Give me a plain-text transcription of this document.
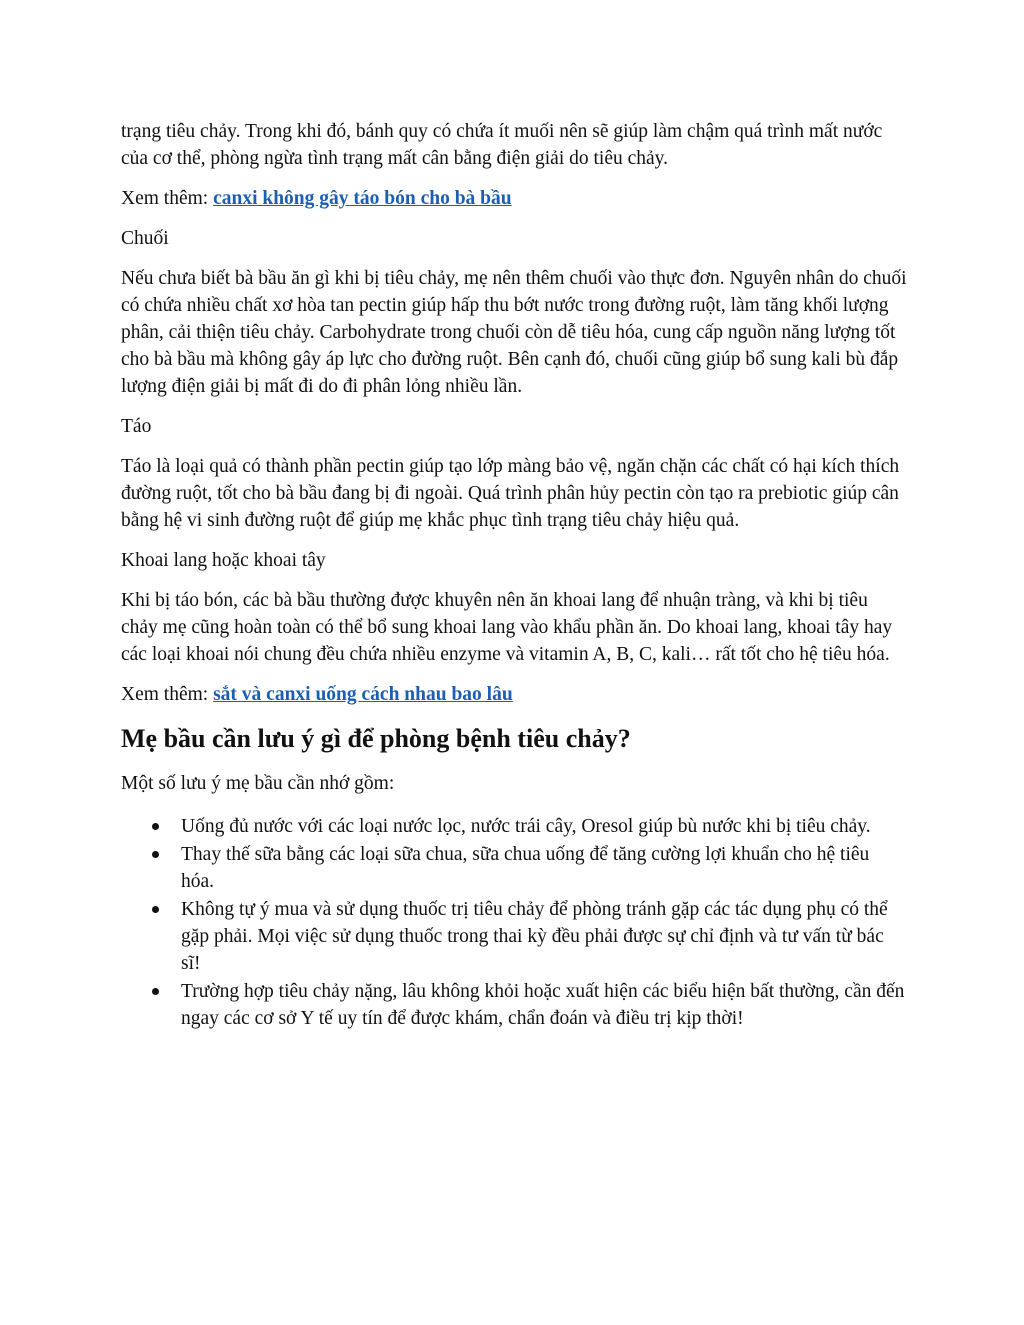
trạng tiêu chảy. Trong khi đó, bánh quy có chứa ít muối nên sẽ giúp làm chậm quá trình mất nước của cơ thể, phòng ngừa tình trạng mất cân bằng điện giải do tiêu chảy.

Xem thêm: canxi không gây táo bón cho bà bầu

Chuối

Nếu chưa biết bà bầu ăn gì khi bị tiêu chảy, mẹ nên thêm chuối vào thực đơn. Nguyên nhân do chuối có chứa nhiều chất xơ hòa tan pectin giúp hấp thu bớt nước trong đường ruột, làm tăng khối lượng phân, cải thiện tiêu chảy. Carbohydrate trong chuối còn dễ tiêu hóa, cung cấp nguồn năng lượng tốt cho bà bầu mà không gây áp lực cho đường ruột. Bên cạnh đó, chuối cũng giúp bổ sung kali bù đắp lượng điện giải bị mất đi do đi phân lỏng nhiều lần.

Táo

Táo là loại quả có thành phần pectin giúp tạo lớp màng bảo vệ, ngăn chặn các chất có hại kích thích đường ruột, tốt cho bà bầu đang bị đi ngoài. Quá trình phân hủy pectin còn tạo ra prebiotic giúp cân bằng hệ vi sinh đường ruột để giúp mẹ khắc phục tình trạng tiêu chảy hiệu quả.

Khoai lang hoặc khoai tây

Khi bị táo bón, các bà bầu thường được khuyên nên ăn khoai lang để nhuận tràng, và khi bị tiêu chảy mẹ cũng hoàn toàn có thể bổ sung khoai lang vào khẩu phần ăn. Do khoai lang, khoai tây hay các loại khoai nói chung đều chứa nhiều enzyme và vitamin A, B, C, kali… rất tốt cho hệ tiêu hóa.

Xem thêm: sắt và canxi uống cách nhau bao lâu

Mẹ bầu cần lưu ý gì để phòng bệnh tiêu chảy?

Một số lưu ý mẹ bầu cần nhớ gồm:

Uống đủ nước với các loại nước lọc, nước trái cây, Oresol giúp bù nước khi bị tiêu chảy.
Thay thế sữa bằng các loại sữa chua, sữa chua uống để tăng cường lợi khuẩn cho hệ tiêu hóa.
Không tự ý mua và sử dụng thuốc trị tiêu chảy để phòng tránh gặp các tác dụng phụ có thể gặp phải. Mọi việc sử dụng thuốc trong thai kỳ đều phải được sự chỉ định và tư vấn từ bác sĩ!
Trường hợp tiêu chảy nặng, lâu không khỏi hoặc xuất hiện các biểu hiện bất thường, cần đến ngay các cơ sở Y tế uy tín để được khám, chẩn đoán và điều trị kịp thời!
